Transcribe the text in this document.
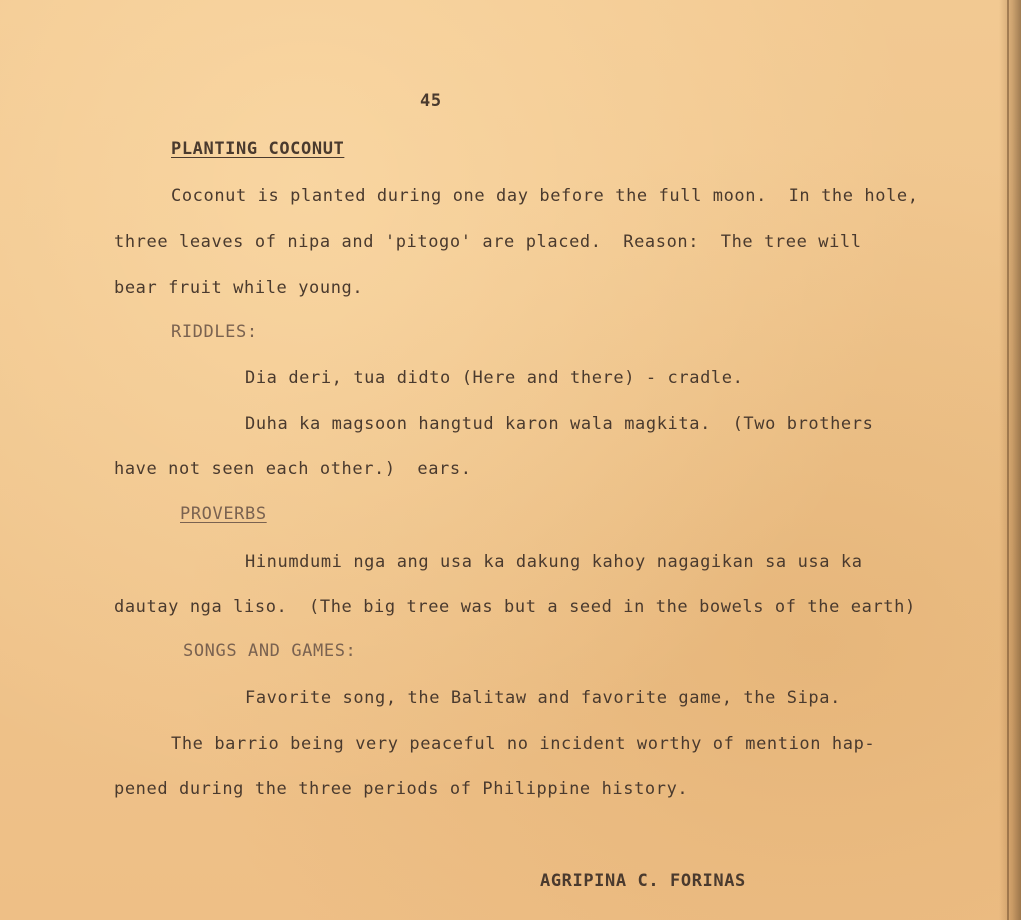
45
PLANTING COCONUT
Coconut is planted during one day before the full moon.  In the hole,
three leaves of nipa and 'pitogo' are placed.  Reason:  The tree will
bear fruit while young.
RIDDLES:
Dia deri, tua didto (Here and there) - cradle.
Duha ka magsoon hangtud karon wala magkita.  (Two brothers
have not seen each other.)  ears.
PROVERBS
Hinumdumi nga ang usa ka dakung kahoy nagagikan sa usa ka
dautay nga liso.  (The big tree was but a seed in the bowels of the earth)
SONGS AND GAMES:
Favorite song, the Balitaw and favorite game, the Sipa.
The barrio being very peaceful no incident worthy of mention hap-
pened during the three periods of Philippine history.
AGRIPINA C. FORINAS
